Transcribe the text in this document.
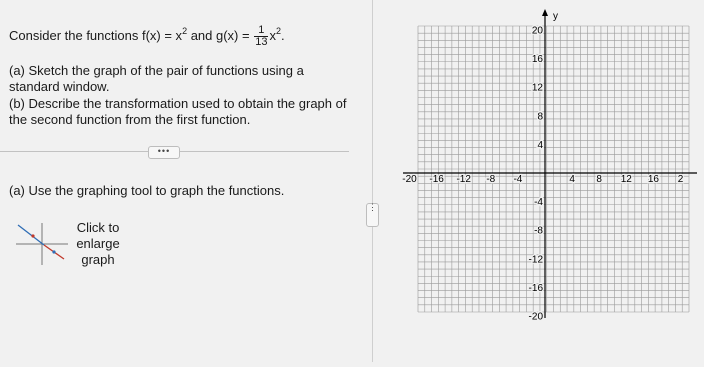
Consider the functions $f(x) = x^2$ and $g(x) = \frac{1}{13} x^2$.
(a) Sketch the graph of the pair of functions using a standard window.
(b) Describe the transformation used to obtain the graph of the second function from the first function.
•••
(a) Use the graphing tool to graph the functions.
Click to
enlarge
graph
⋮
y
-20 -16 -12 -8 -4	4 8 12 16 2
20
16
12
8
4
-4
-8
-12
-16
-20
